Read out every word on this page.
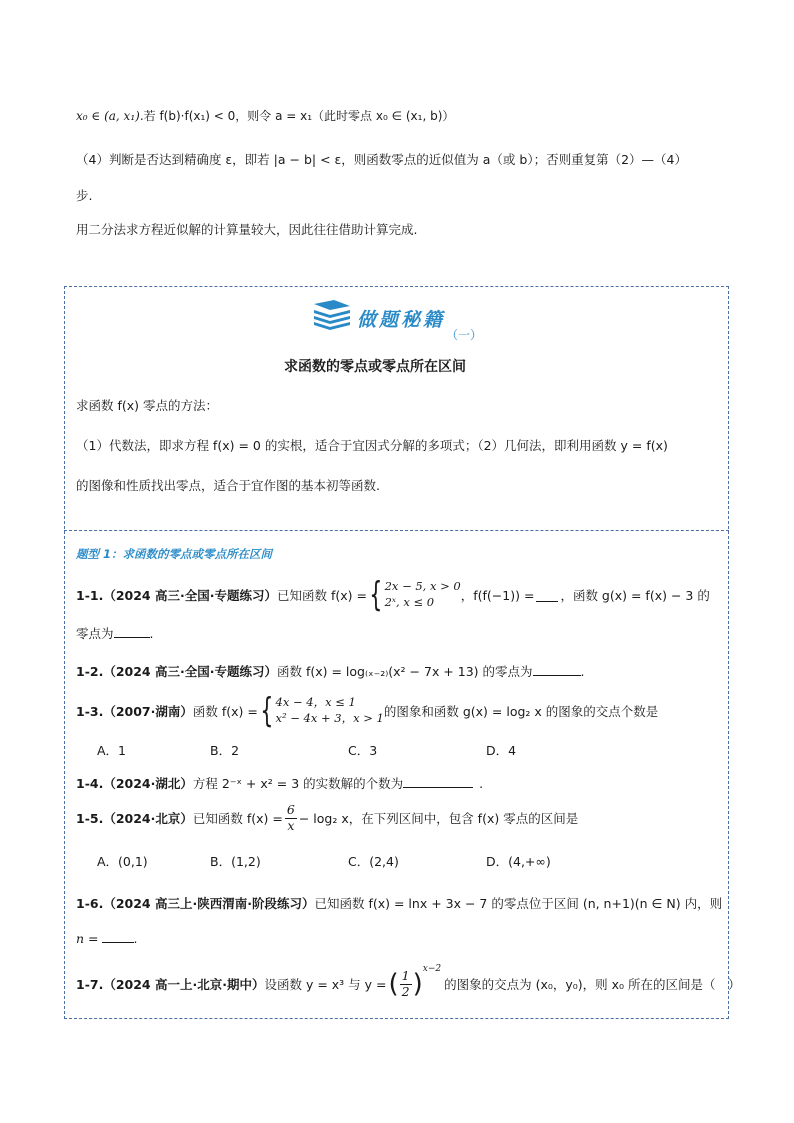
x₀ ∈ (a, x₁).若 f(b)·f(x₁) < 0，则令 a = x₁（此时零点 x₀ ∈ (x₁, b)）
（4）判断是否达到精确度 ε，即若 |a − b| < ε，则函数零点的近似值为 a（或 b）；否则重复第（2）—（4）
步.
用二分法求方程近似解的计算量较大，因此往往借助计算完成.
做题秘籍
（一）
求函数的零点或零点所在区间
求函数 f(x) 零点的方法：
（1）代数法，即求方程 f(x) = 0 的实根，适合于宜因式分解的多项式；（2）几何法，即利用函数 y = f(x)
的图像和性质找出零点，适合于宜作图的基本初等函数.
题型 1：求函数的零点或零点所在区间
1-1. （2024 高三·全国·专题练习） 已知函数 f(x) = { 2x − 5, x > 0
2ˣ, x ≤ 0	，f(f(−1)) = ，函数 g(x) = f(x) − 3 的
零点为	.
1-2.（2024 高三·全国·专题练习）函数 f(x) = log₍ₓ₋₂₎(x² − 7x + 13) 的零点为	.
1-3. （2007·湖南） 函数 f(x) = { 4x − 4，x ≤ 1
x² − 4x + 3，x > 1 的图象和函数 g(x) = log₂ x 的图象的交点个数是
A．1	B．2	C．3	D．4
1-4.（2024·湖北）方程 2⁻ˣ + x² = 3 的实数解的个数为	.
1-5. （2024·北京） 已知函数 $f(x) = \frac{6}{x} - \log_2$ x，在下列区间中，包含 f(x) 零点的区间是
A．(0,1)	B．(1,2)	C．(2,4)	D．(4,+∞)
1-6.（2024 高三上·陕西渭南·阶段练习）已知函数 f(x) = lnx + 3x − 7 的零点位于区间 (n, n+1)(n ∈ N) 内，则
n =	.
1-7. （2024 高一上·北京·期中） 设函数 y = x³ 与 y = ( $\frac{1}{2}$ ) x−2
的图象的交点为 (x₀，y₀)，则 x₀ 所在的区间是（　）
